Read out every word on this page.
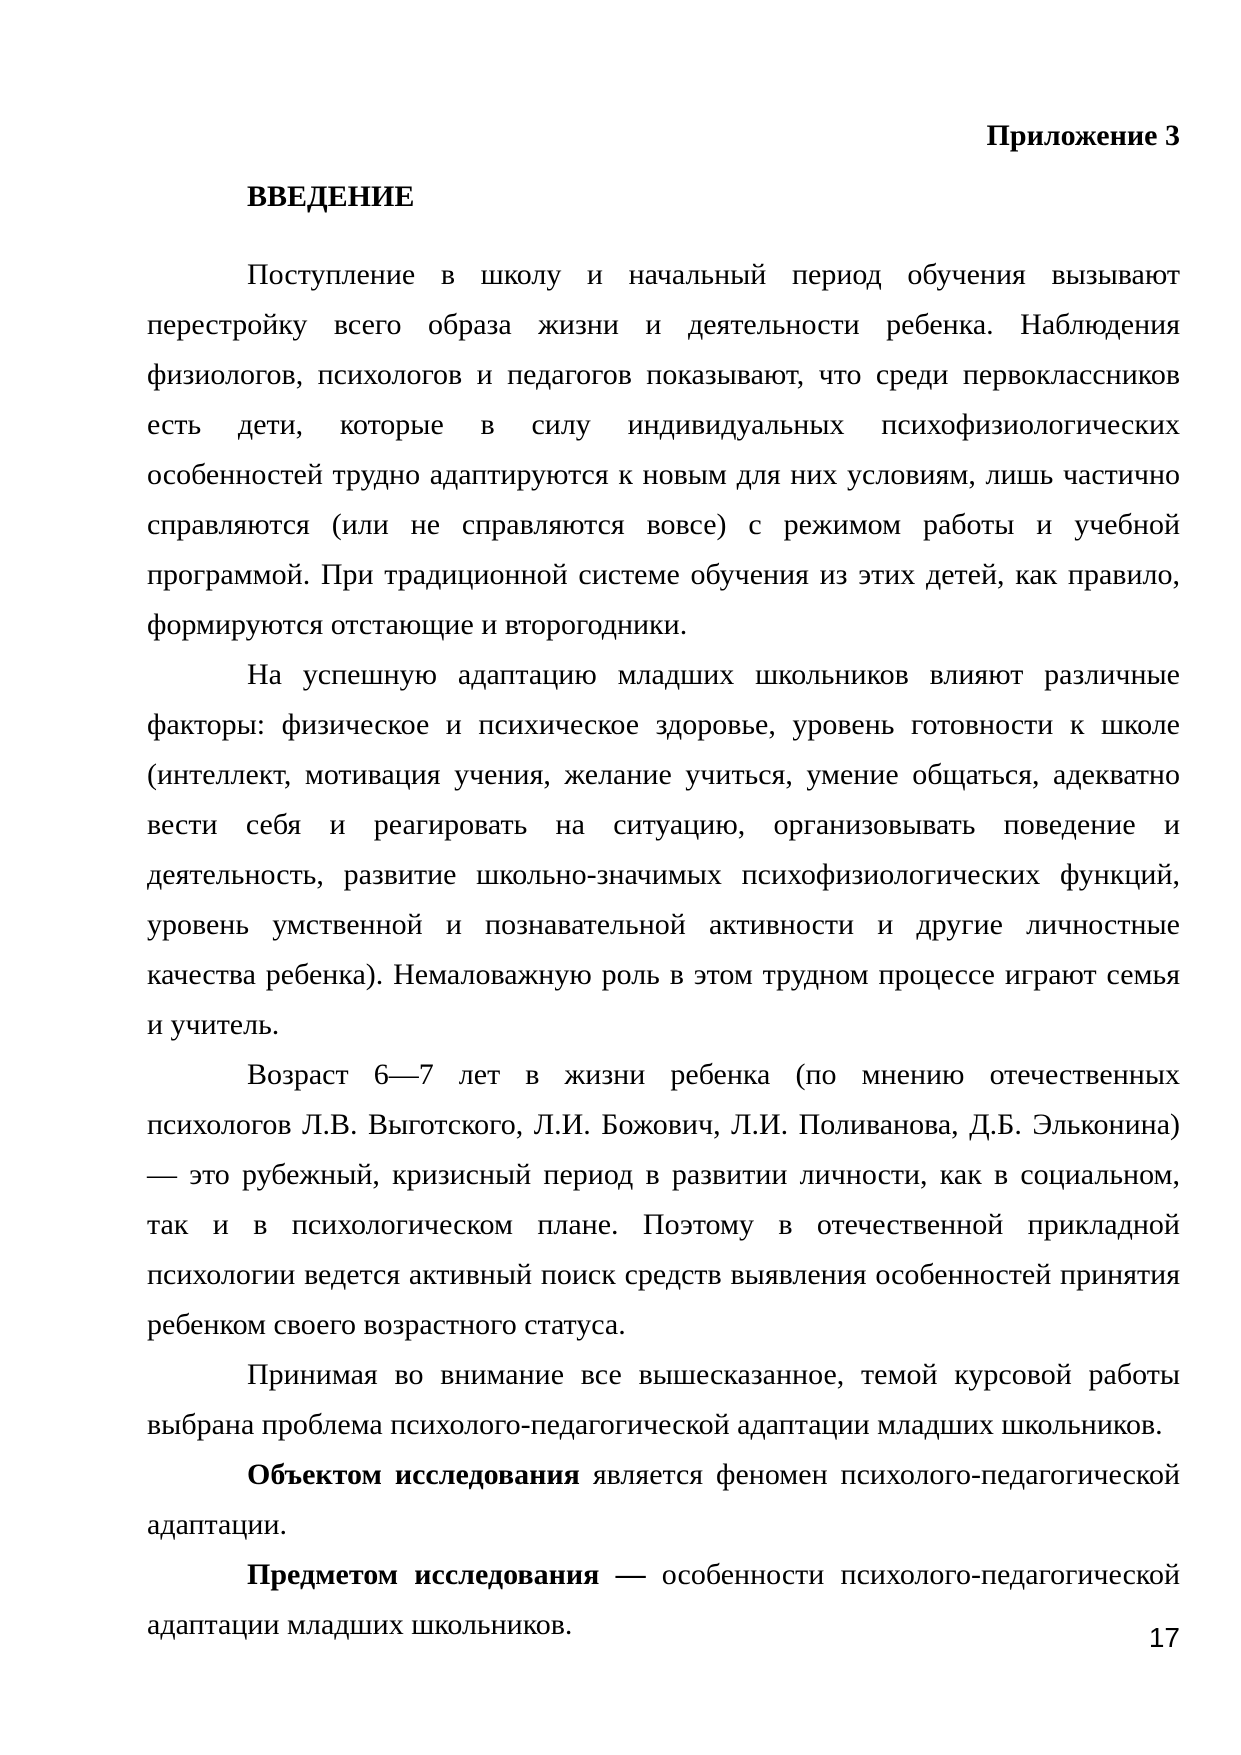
Приложение 3

ВВЕДЕНИЕ

Поступление в школу и начальный период обучения вызывают перестройку всего образа жизни и деятельности ребенка. Наблюдения физиологов, психологов и педагогов показывают, что среди первоклассников есть дети, которые в силу индивидуальных психофизиологических особенностей трудно адаптируются к новым для них условиям, лишь частично справляются (или не справляются вовсе) с режимом работы и учебной программой. При традиционной системе обучения из этих детей, как правило, формируются отстающие и второгодники.

На успешную адаптацию младших школьников влияют различные факторы: физическое и психическое здоровье, уровень готовности к школе (интеллект, мотивация учения, желание учиться, умение общаться, адекватно вести себя и реагировать на ситуацию, организовывать поведение и деятельность, развитие школьно-значимых психофизиологических функций, уровень умственной и познавательной активности и другие личностные качества ребенка). Немаловажную роль в этом трудном процессе играют семья и учитель.

Возраст 6—7 лет в жизни ребенка (по мнению отечественных психологов Л.В. Выготского, Л.И. Божович, Л.И. Поливанова, Д.Б. Эльконина) — это рубежный, кризисный период в развитии личности, как в социальном, так и в психологическом плане. Поэтому в отечественной прикладной психологии ведется активный поиск средств выявления особенностей принятия ребенком своего возрастного статуса.

Принимая во внимание все вышесказанное, темой курсовой работы выбрана проблема психолого-педагогической адаптации младших школьников.

Объектом исследования является феномен психолого-педагогической адаптации.

Предметом исследования — особенности психолого-педагогической адаптации младших школьников.	17
